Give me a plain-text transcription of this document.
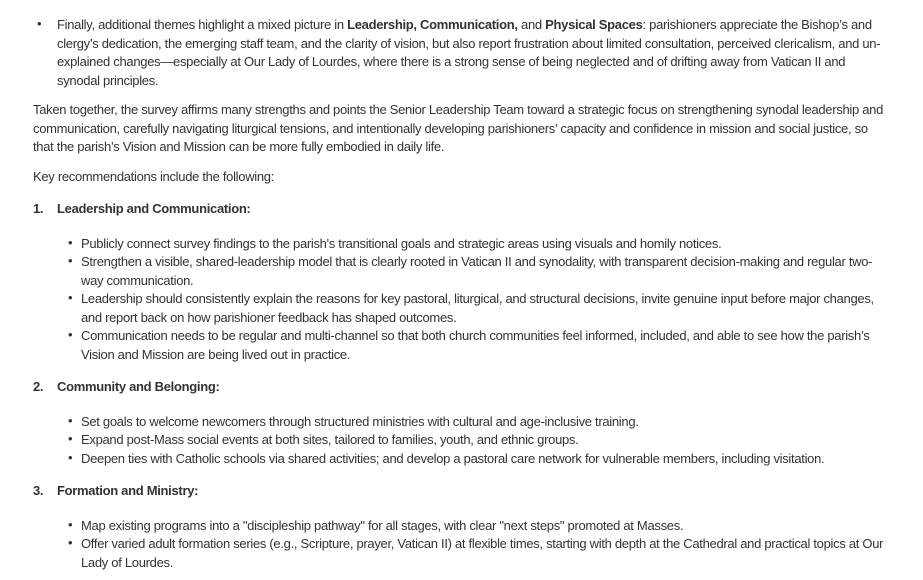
• Finally, additional themes highlight a mixed picture in Leadership, Communication, and Physical Spaces: parishioners appreciate the Bishop’s and clergy’s dedication, the emerging staff team, and the clarity of vision, but also report frustration about limited consultation, perceived clericalism, and un-explained changes—especially at Our Lady of Lourdes, where there is a strong sense of being neglected and of drifting away from Vatican II and synodal principles.

Taken together, the survey affirms many strengths and points the Senior Leadership Team toward a strategic focus on strengthening synodal leadership and communication, carefully navigating liturgical tensions, and intentionally developing parishioners’ capacity and confidence in mission and social justice, so that the parish’s Vision and Mission can be more fully embodied in daily life.

Key recommendations include the following:

1. Leadership and Communication:
• Publicly connect survey findings to the parish's transitional goals and strategic areas using visuals and homily notices.
• Strengthen a visible, shared-leadership model that is clearly rooted in Vatican II and synodality, with transparent decision-making and regular two-way communication.
• Leadership should consistently explain the reasons for key pastoral, liturgical, and structural decisions, invite genuine input before major changes, and report back on how parishioner feedback has shaped outcomes.
• Communication needs to be regular and multi-channel so that both church communities feel informed, included, and able to see how the parish’s Vision and Mission are being lived out in practice.
2. Community and Belonging:
• Set goals to welcome newcomers through structured ministries with cultural and age-inclusive training.
• Expand post-Mass social events at both sites, tailored to families, youth, and ethnic groups.
• Deepen ties with Catholic schools via shared activities; and develop a pastoral care network for vulnerable members, including visitation.
3. Formation and Ministry:
• Map existing programs into a "discipleship pathway" for all stages, with clear "next steps" promoted at Masses.
• Offer varied adult formation series (e.g., Scripture, prayer, Vatican II) at flexible times, starting with depth at the Cathedral and practical topics at Our Lady of Lourdes.
